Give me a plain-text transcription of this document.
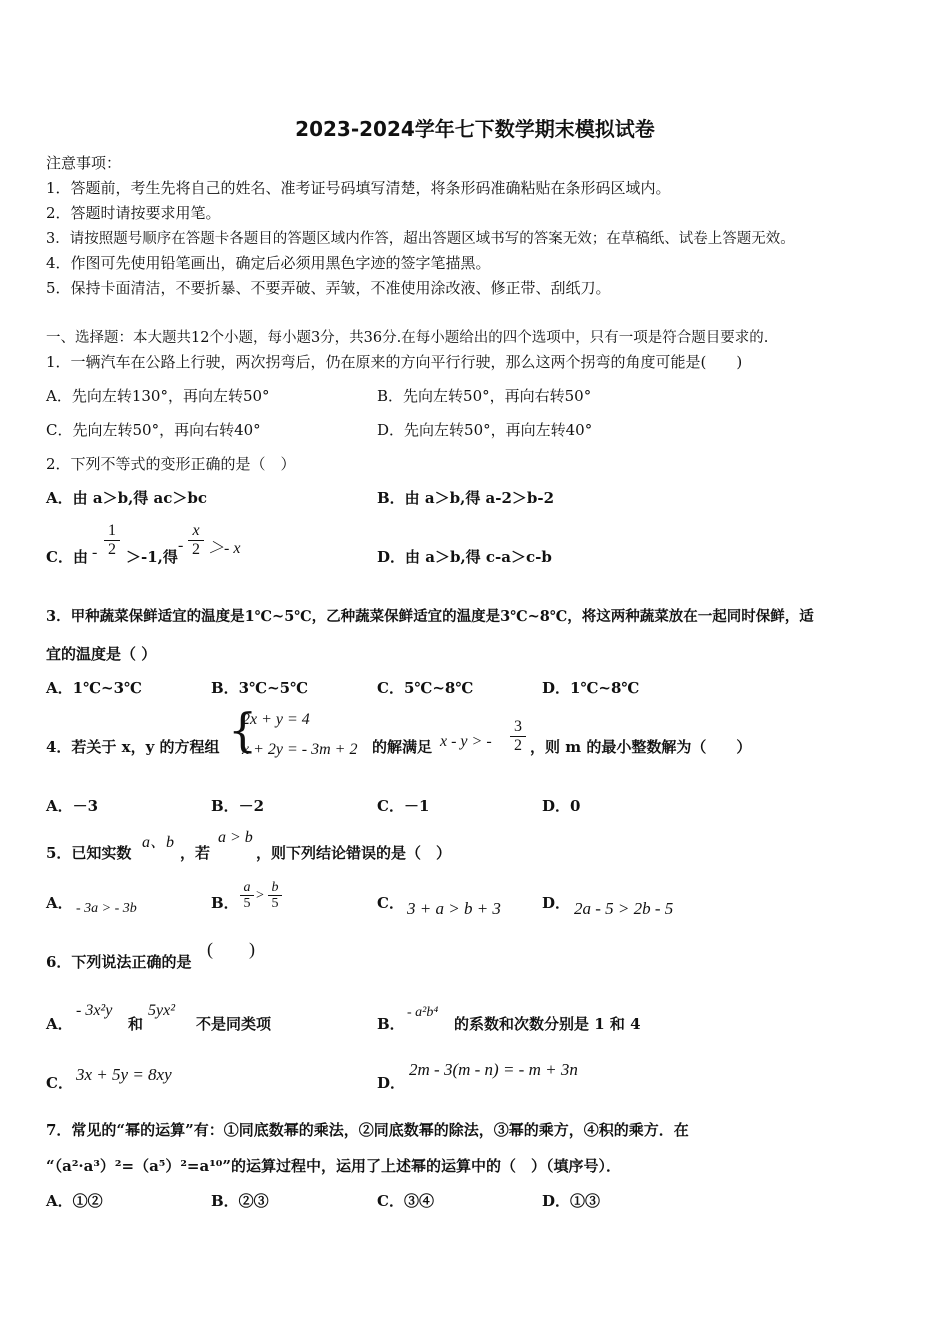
2023-2024学年七下数学期末模拟试卷
注意事项：
1．答题前，考生先将自己的姓名、准考证号码填写清楚，将条形码准确粘贴在条形码区域内。
2．答题时请按要求用笔。
3．请按照题号顺序在答题卡各题目的答题区域内作答，超出答题区域书写的答案无效；在草稿纸、试卷上答题无效。
4．作图可先使用铅笔画出，确定后必须用黑色字迹的签字笔描黑。
5．保持卡面清洁，不要折暴、不要弄破、弄皱，不准使用涂改液、修正带、刮纸刀。
一、选择题：本大题共12个小题，每小题3分，共36分.在每小题给出的四个选项中，只有一项是符合题目要求的.
1．一辆汽车在公路上行驶，两次拐弯后，仍在原来的方向平行行驶，那么这两个拐弯的角度可能是(　　)
A．先向左转130°，再向左转50°	B．先向左转50°，再向右转50°
C．先向左转50°，再向右转40°	D．先向左转50°，再向左转40°
2．下列不等式的变形正确的是（　）
A．由 a＞b,得 ac＞bc	B．由 a＞b,得 a-2＞b-2
C．由 - $\frac{1}{2} >-1$,得
- $\frac{x}{2} >- x$	D．由 a＞b,得 c-a＞c-b
3．甲种蔬菜保鲜适宜的温度是1℃~5℃，乙种蔬菜保鲜适宜的温度是3℃~8℃，将这两种蔬菜放在一起同时保鲜，适
宜的温度是（ ）
A．1℃~3℃	B．3℃~5℃	C．5℃~8℃	D．1℃~8℃
4．若关于 x，y 的方程组 {
2x + y = 4
x + 2y = - 3m + 2 的解满足 x - y > - $\frac{3}{2}$ ，则 m 的最小整数解为（　　）
A．－3	B．－2	C．－1	D．0
5．已知实数
a、b
，若
a > b
，则下列结论错误的是（　）
A． - 3a > - 3b	B． $\frac{a}{5} > \frac{b}{5}$	C． 3 + a > b + 3	D． 2a - 5 > 2b - 5
6．下列说法正确的是
(　　)
A．
- 3x²y
和
5yx²
不是同类项	B．
- a²b⁴
的系数和次数分别是 1 和 4
C． 3x + 5y = 8xy	D．
2m - 3(m - n) = - m + 3n
7．常见的“幂的运算”有：①同底数幂的乘法，②同底数幂的除法，③幂的乘方，④积的乘方．在
“（a²·a³）²=（a⁵）²=a¹⁰”的运算过程中，运用了上述幂的运算中的（　）（填序号）．
A．①②	B．②③	C．③④	D．①③
